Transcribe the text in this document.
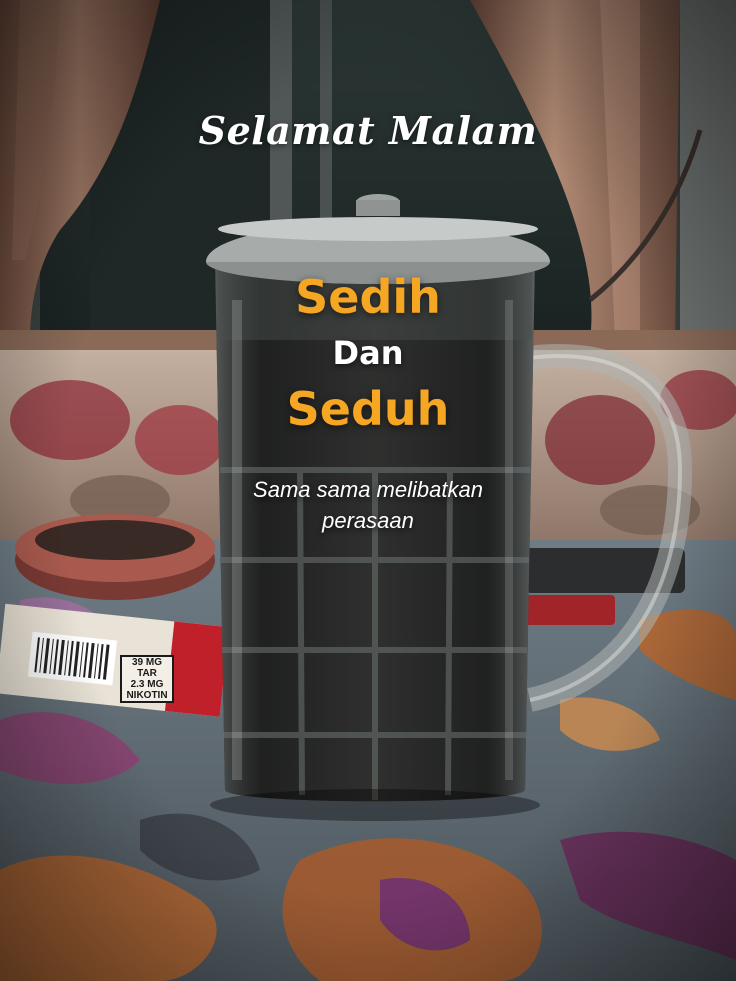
Selamat Malam

Sedih

Dan

Seduh

Sama sama melibatkan
perasaan

39 MG
TAR
2.3 MG
NIKOTIN
